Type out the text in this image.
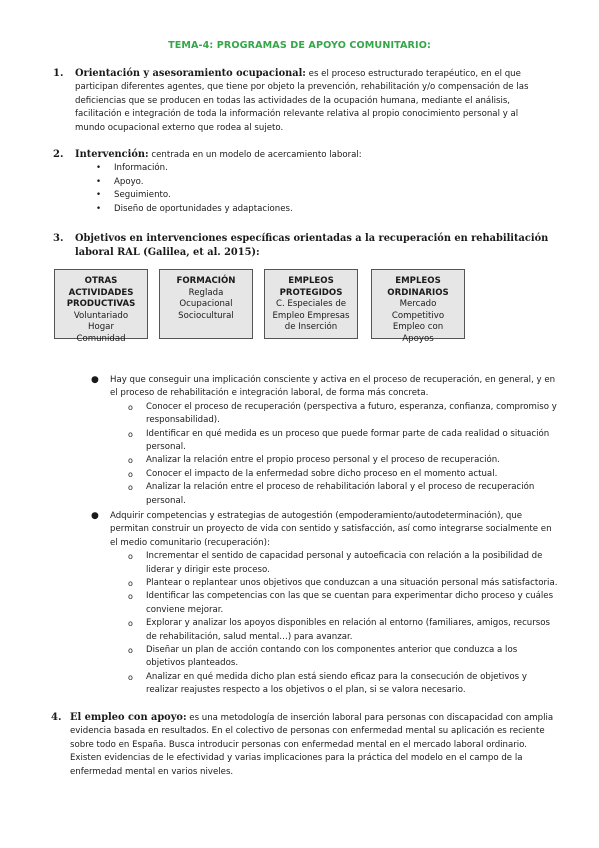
TEMA-4: PROGRAMAS DE APOYO COMUNITARIO:
1. Orientación y asesoramiento ocupacional: es el proceso estructurado terapéutico, en el que participan diferentes agentes, que tiene por objeto la prevención, rehabilitación y/o compensación de las deficiencias que se producen en todas las actividades de la ocupación humana, mediante el análisis, facilitación e integración de toda la información relevante relativa al propio conocimiento personal y al mundo ocupacional externo que rodea al sujeto.
2. Intervención: centrada en un modelo de acercamiento laboral:
• Información.
• Apoyo.
• Seguimiento.
• Diseño de oportunidades y adaptaciones.
3. Objetivos en intervenciones específicas orientadas a la recuperación en rehabilitación laboral RAL (Galilea, et al. 2015):
OTRAS ACTIVIDADES PRODUCTIVAS
Voluntariado Hogar Comunidad
FORMACIÓN
Reglada Ocupacional Sociocultural
EMPLEOS PROTEGIDOS
C. Especiales de Empleo Empresas de Inserción
EMPLEOS ORDINARIOS
Mercado Competitivo Empleo con Apoyos
● Hay que conseguir una implicación consciente y activa en el proceso de recuperación, en general, y en el proceso de rehabilitación e integración laboral, de forma más concreta.
o Conocer el proceso de recuperación (perspectiva a futuro, esperanza, confianza, compromiso y responsabilidad).
o Identificar en qué medida es un proceso que puede formar parte de cada realidad o situación personal.
o Analizar la relación entre el propio proceso personal y el proceso de recuperación.
o Conocer el impacto de la enfermedad sobre dicho proceso en el momento actual.
o Analizar la relación entre el proceso de rehabilitación laboral y el proceso de recuperación personal.
● Adquirir competencias y estrategias de autogestión (empoderamiento/autodeterminación), que permitan construir un proyecto de vida con sentido y satisfacción, así como integrarse socialmente en el medio comunitario (recuperación):
o Incrementar el sentido de capacidad personal y autoeficacia con relación a la posibilidad de liderar y dirigir este proceso.
o Plantear o replantear unos objetivos que conduzcan a una situación personal más satisfactoria.
o Identificar las competencias con las que se cuentan para experimentar dicho proceso y cuáles conviene mejorar.
o Explorar y analizar los apoyos disponibles en relación al entorno (familiares, amigos, recursos de rehabilitación, salud mental…) para avanzar.
o Diseñar un plan de acción contando con los componentes anterior que conduzca a los objetivos planteados.
o Analizar en qué medida dicho plan está siendo eficaz para la consecución de objetivos y realizar reajustes respecto a los objetivos o el plan, si se valora necesario.
4. El empleo con apoyo: es una metodología de inserción laboral para personas con discapacidad con amplia evidencia basada en resultados. En el colectivo de personas con enfermedad mental su aplicación es reciente sobre todo en España. Busca introducir personas con enfermedad mental en el mercado laboral ordinario. Existen evidencias de le efectividad y varias implicaciones para la práctica del modelo en el campo de la enfermedad mental en varios niveles.
